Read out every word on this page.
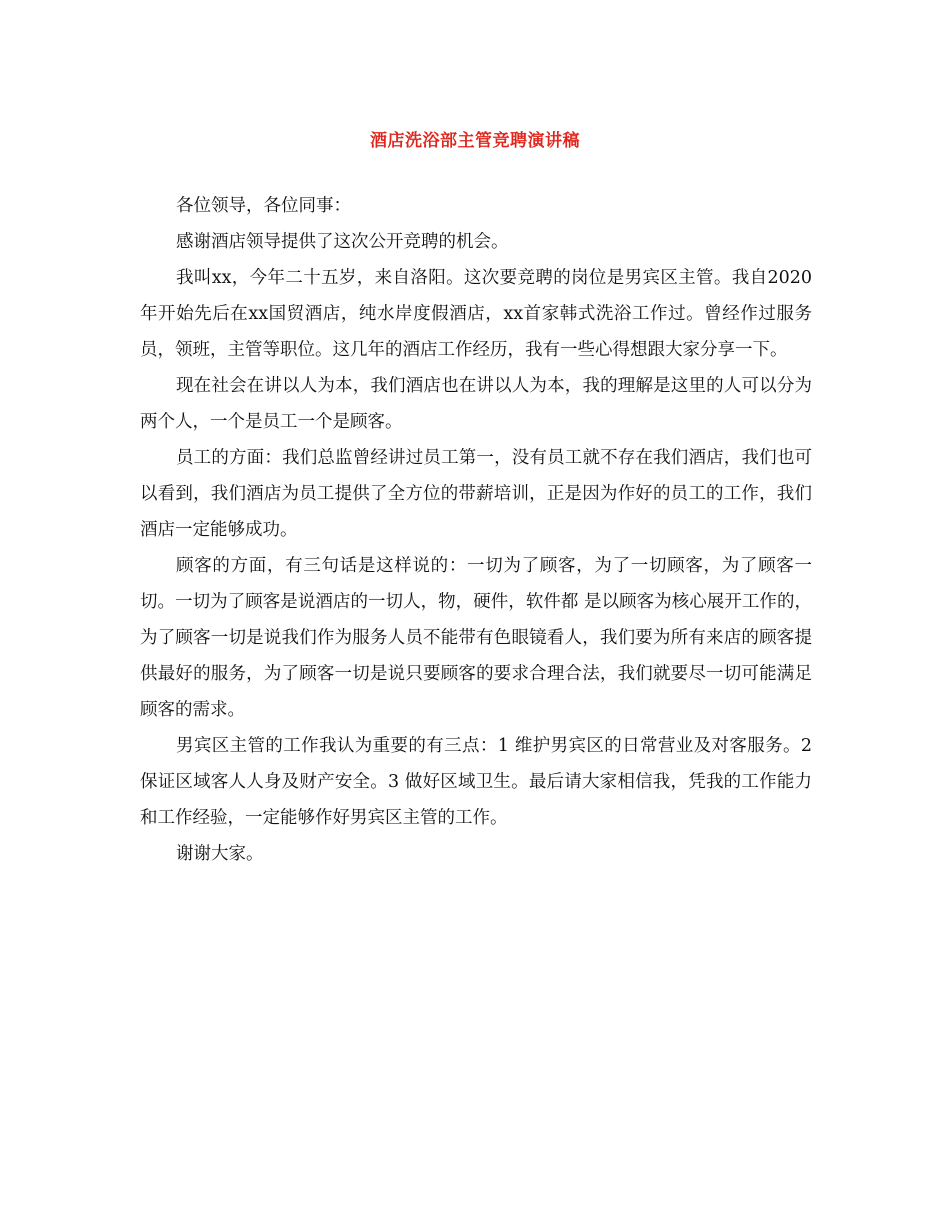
酒店洗浴部主管竞聘演讲稿

各位领导，各位同事：

感谢酒店领导提供了这次公开竞聘的机会。

我叫xx，今年二十五岁，来自洛阳。这次要竞聘的岗位是男宾区主管。我自2020年开始先后在xx国贸酒店，纯水岸度假酒店，xx首家韩式洗浴工作过。曾经作过服务员，领班，主管等职位。这几年的酒店工作经历，我有一些心得想跟大家分享一下。

现在社会在讲以人为本，我们酒店也在讲以人为本，我的理解是这里的人可以分为两个人，一个是员工一个是顾客。

员工的方面：我们总监曾经讲过员工第一，没有员工就不存在我们酒店，我们也可以看到，我们酒店为员工提供了全方位的带薪培训，正是因为作好的员工的工作，我们酒店一定能够成功。

顾客的方面，有三句话是这样说的：一切为了顾客，为了一切顾客，为了顾客一切。一切为了顾客是说酒店的一切人，物，硬件，软件都 是以顾客为核心展开工作的，为了顾客一切是说我们作为服务人员不能带有色眼镜看人，我们要为所有来店的顾客提供最好的服务，为了顾客一切是说只要顾客的要求合理合法，我们就要尽一切可能满足顾客的需求。

男宾区主管的工作我认为重要的有三点：1 维护男宾区的日常营业及对客服务。2 保证区域客人人身及财产安全。3 做好区域卫生。最后请大家相信我，凭我的工作能力和工作经验，一定能够作好男宾区主管的工作。

谢谢大家。
